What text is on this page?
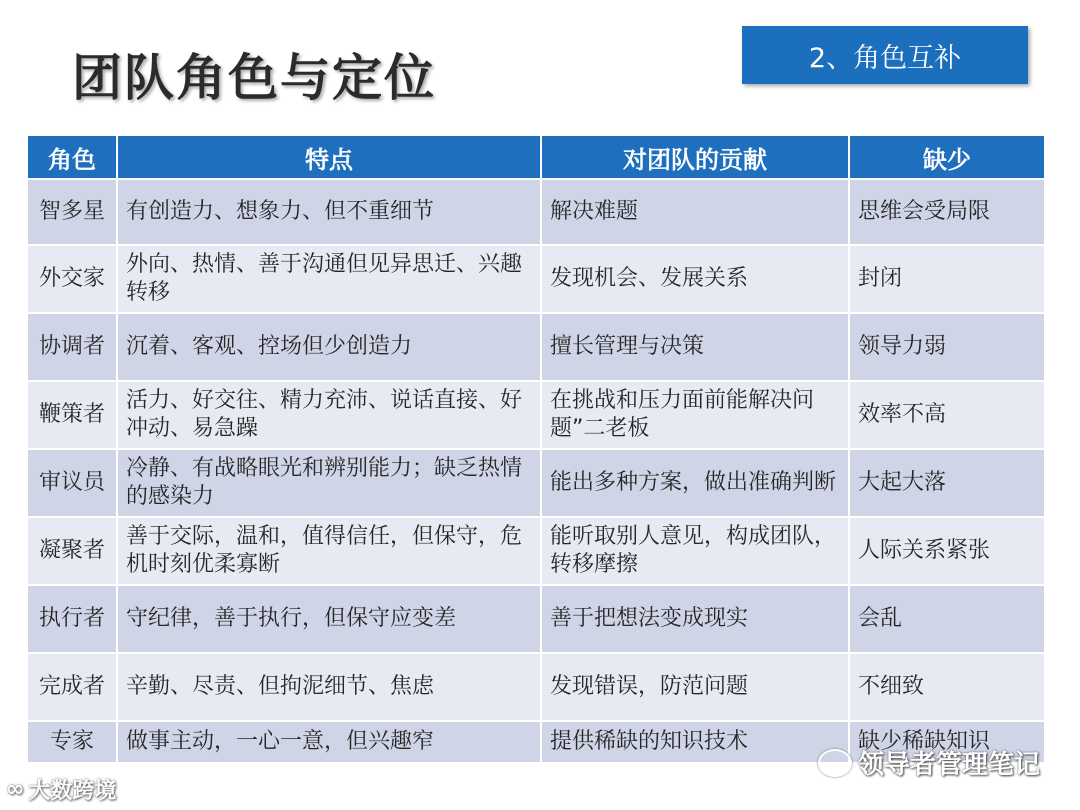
团队角色与定位	2、角色互补
角色	特点	对团队的贡献	缺少
智多星	有创造力、想象力、但不重细节	解决难题	思维会受局限
外交家	外向、热情、善于沟通但见异思迁、兴趣转移	发现机会、发展关系	封闭
协调者	沉着、客观、控场但少创造力	擅长管理与决策	领导力弱
鞭策者	活力、好交往、精力充沛、说话直接、好冲动、易急躁	在挑战和压力面前能解决问题”二老板	效率不高
审议员	冷静、有战略眼光和辨别能力；缺乏热情的感染力	能出多种方案，做出准确判断	大起大落
凝聚者	善于交际，温和，值得信任，但保守，危机时刻优柔寡断	能听取别人意见，构成团队，转移摩擦	人际关系紧张
执行者	守纪律，善于执行，但保守应变差	善于把想法变成现实	会乱
完成者	辛勤、尽责、但拘泥细节、焦虑	发现错误，防范问题	不细致
专家	做事主动，一心一意，但兴趣窄	提供稀缺的知识技术	缺少稀缺知识
领导者管理笔记
∞ 大数跨境
